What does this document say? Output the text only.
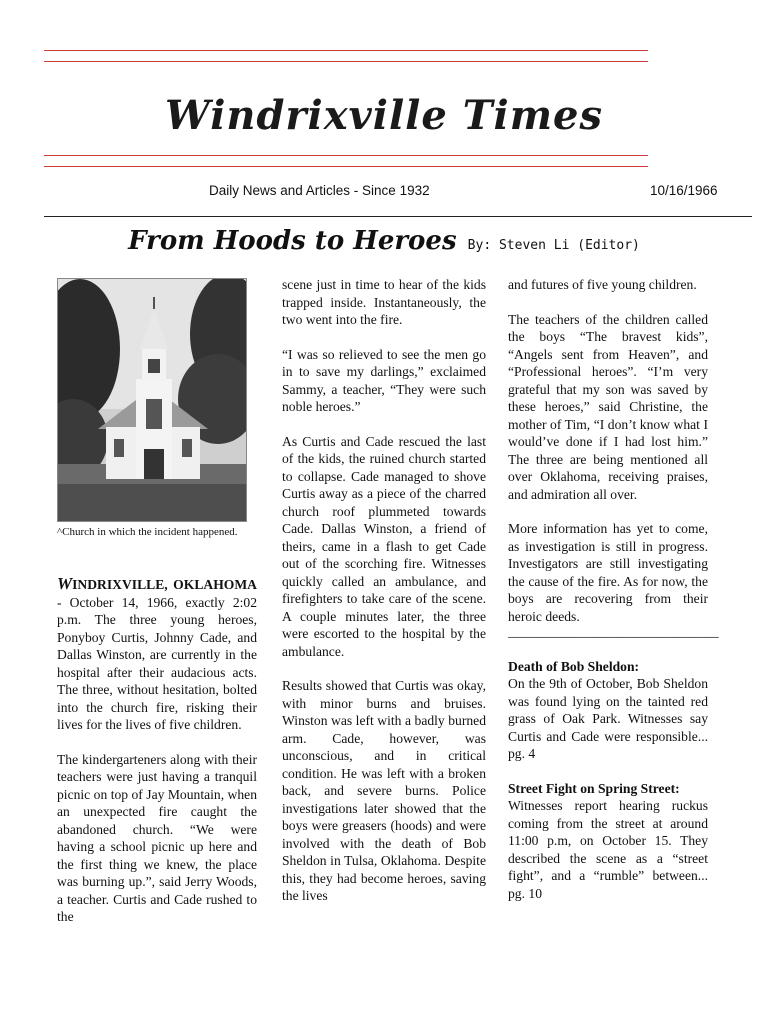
Windrixville Times
Daily News and Articles - Since 1932	10/16/1966
From Hoods to Heroes By: Steven Li (Editor)
^Church in which the incident happened.

WINDRIXVILLE, OKLAHOMA - October 14, 1966, exactly 2:02 p.m. The three young heroes, Ponyboy Curtis, Johnny Cade, and Dallas Winston, are currently in the hospital after their audacious acts. The three, without hesitation, bolted into the church fire, risking their lives for the lives of five children.

The kindergarteners along with their teachers were just having a tranquil picnic on top of Jay Mountain, when an unexpected fire caught the abandoned church. “We were having a school picnic up here and the first thing we knew, the place was burning up.”, said Jerry Woods, a teacher. Curtis and Cade rushed to the

scene just in time to hear of the kids trapped inside. Instantaneously, the two went into the fire.

“I was so relieved to see the men go in to save my darlings,” exclaimed Sammy, a teacher, “They were such noble heroes.”

As Curtis and Cade rescued the last of the kids, the ruined church started to collapse. Cade managed to shove Curtis away as a piece of the charred church roof plummeted towards Cade. Dallas Winston, a friend of theirs, came in a flash to get Cade out of the scorching fire. Witnesses quickly called an ambulance, and firefighters to take care of the scene. A couple minutes later, the three were escorted to the hospital by the ambulance.

Results showed that Curtis was okay, with minor burns and bruises. Winston was left with a badly burned arm. Cade, however, was unconscious, and in critical condition. He was left with a broken back, and severe burns. Police investigations later showed that the boys were greasers (hoods) and were involved with the death of Bob Sheldon in Tulsa, Oklahoma. Despite this, they had become heroes, saving the lives

and futures of five young children.

The teachers of the children called the boys “The bravest kids”, “Angels sent from Heaven”, and “Professional heroes”. “I’m very grateful that my son was saved by these heroes,” said Christine, the mother of Tim, “I don’t know what I would’ve done if I had lost him.” The three are being mentioned all over Oklahoma, receiving praises, and admiration all over.

More information has yet to come, as investigation is still in progress. Investigators are still investigating the cause of the fire. As for now, the boys are recovering from their heroic deeds.

_______________________________

Death of Bob Sheldon:
On the 9th of October, Bob Sheldon was found lying on the tainted red grass of Oak Park. Witnesses say Curtis and Cade were responsible... pg. 4

Street Fight on Spring Street:
Witnesses report hearing ruckus coming from the street at around 11:00 p.m, on October 15. They described the scene as a “street fight”, and a “rumble” between... pg. 10
